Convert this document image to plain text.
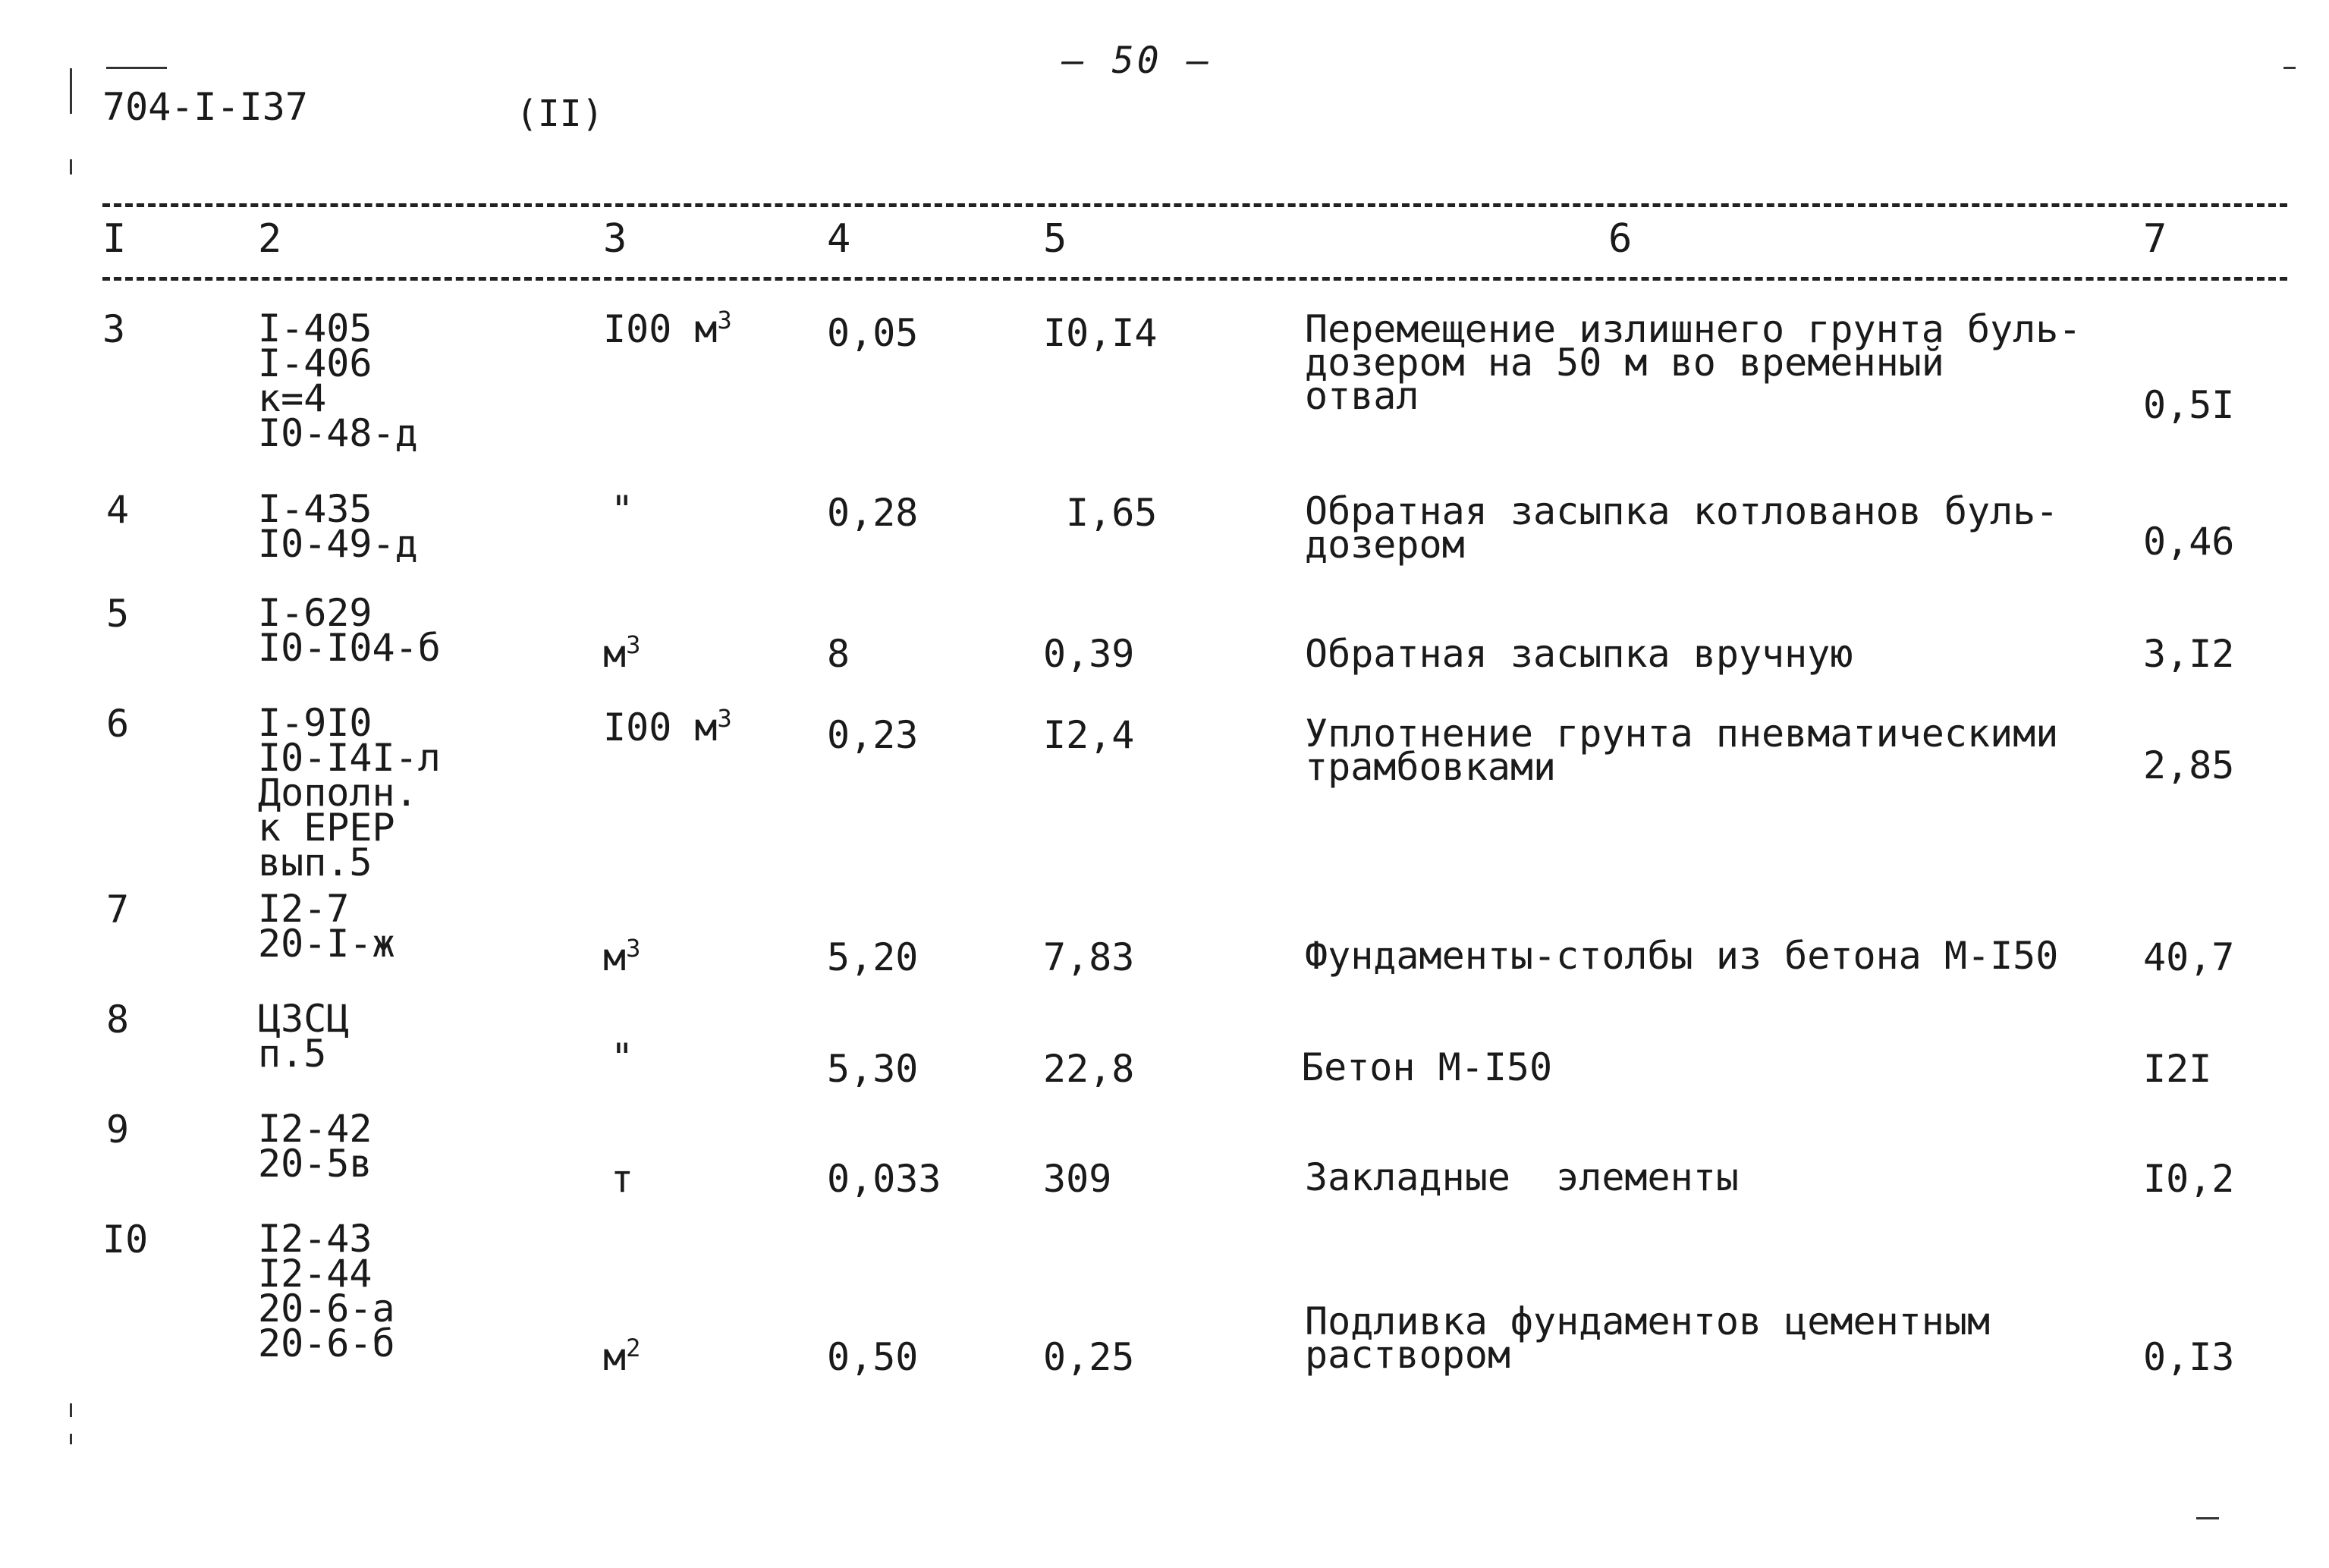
704-I-I37	(II)
— 50 —
I	2	3	4	5	6	7
3	I-405
I-406
к=4
I0-48-д
I00 $м^3$	0,05	I0,I4	Перемещение излишнего грунта буль-
дозером на 50 м во временный
отвал	0,5I
4	I-435
I0-49-д
"	0,28	I,65	Обратная засыпка котлованов буль-
дозером	0,46
5	I-629
I0-I04-б	$м^3$	8	0,39	Обратная засыпка вручную	3,I2
6	I-9I0
I0-I4I-л
Дополн.
к ЕРЕР
вып.5
I00 $м^3$	0,23	I2,4	Уплотнение грунта пневматическими
трамбовками	2,85
7	I2-7
20-I-ж	$м^3$	5,20	7,83	Фундаменты-столбы из бетона М-I50 40,7
8	ЦЗСЦ
п.5	"	5,30	22,8	Бетон М-I50	I2I
9	I2-42
20-5в	т	0,033	309	Закладные  элементы	I0,2
I0	I2-43
I2-44
20-6-а
20-6-б	$м^2$	0,50	0,25
Подливка фундаментов цементным
раствором	0,I3
